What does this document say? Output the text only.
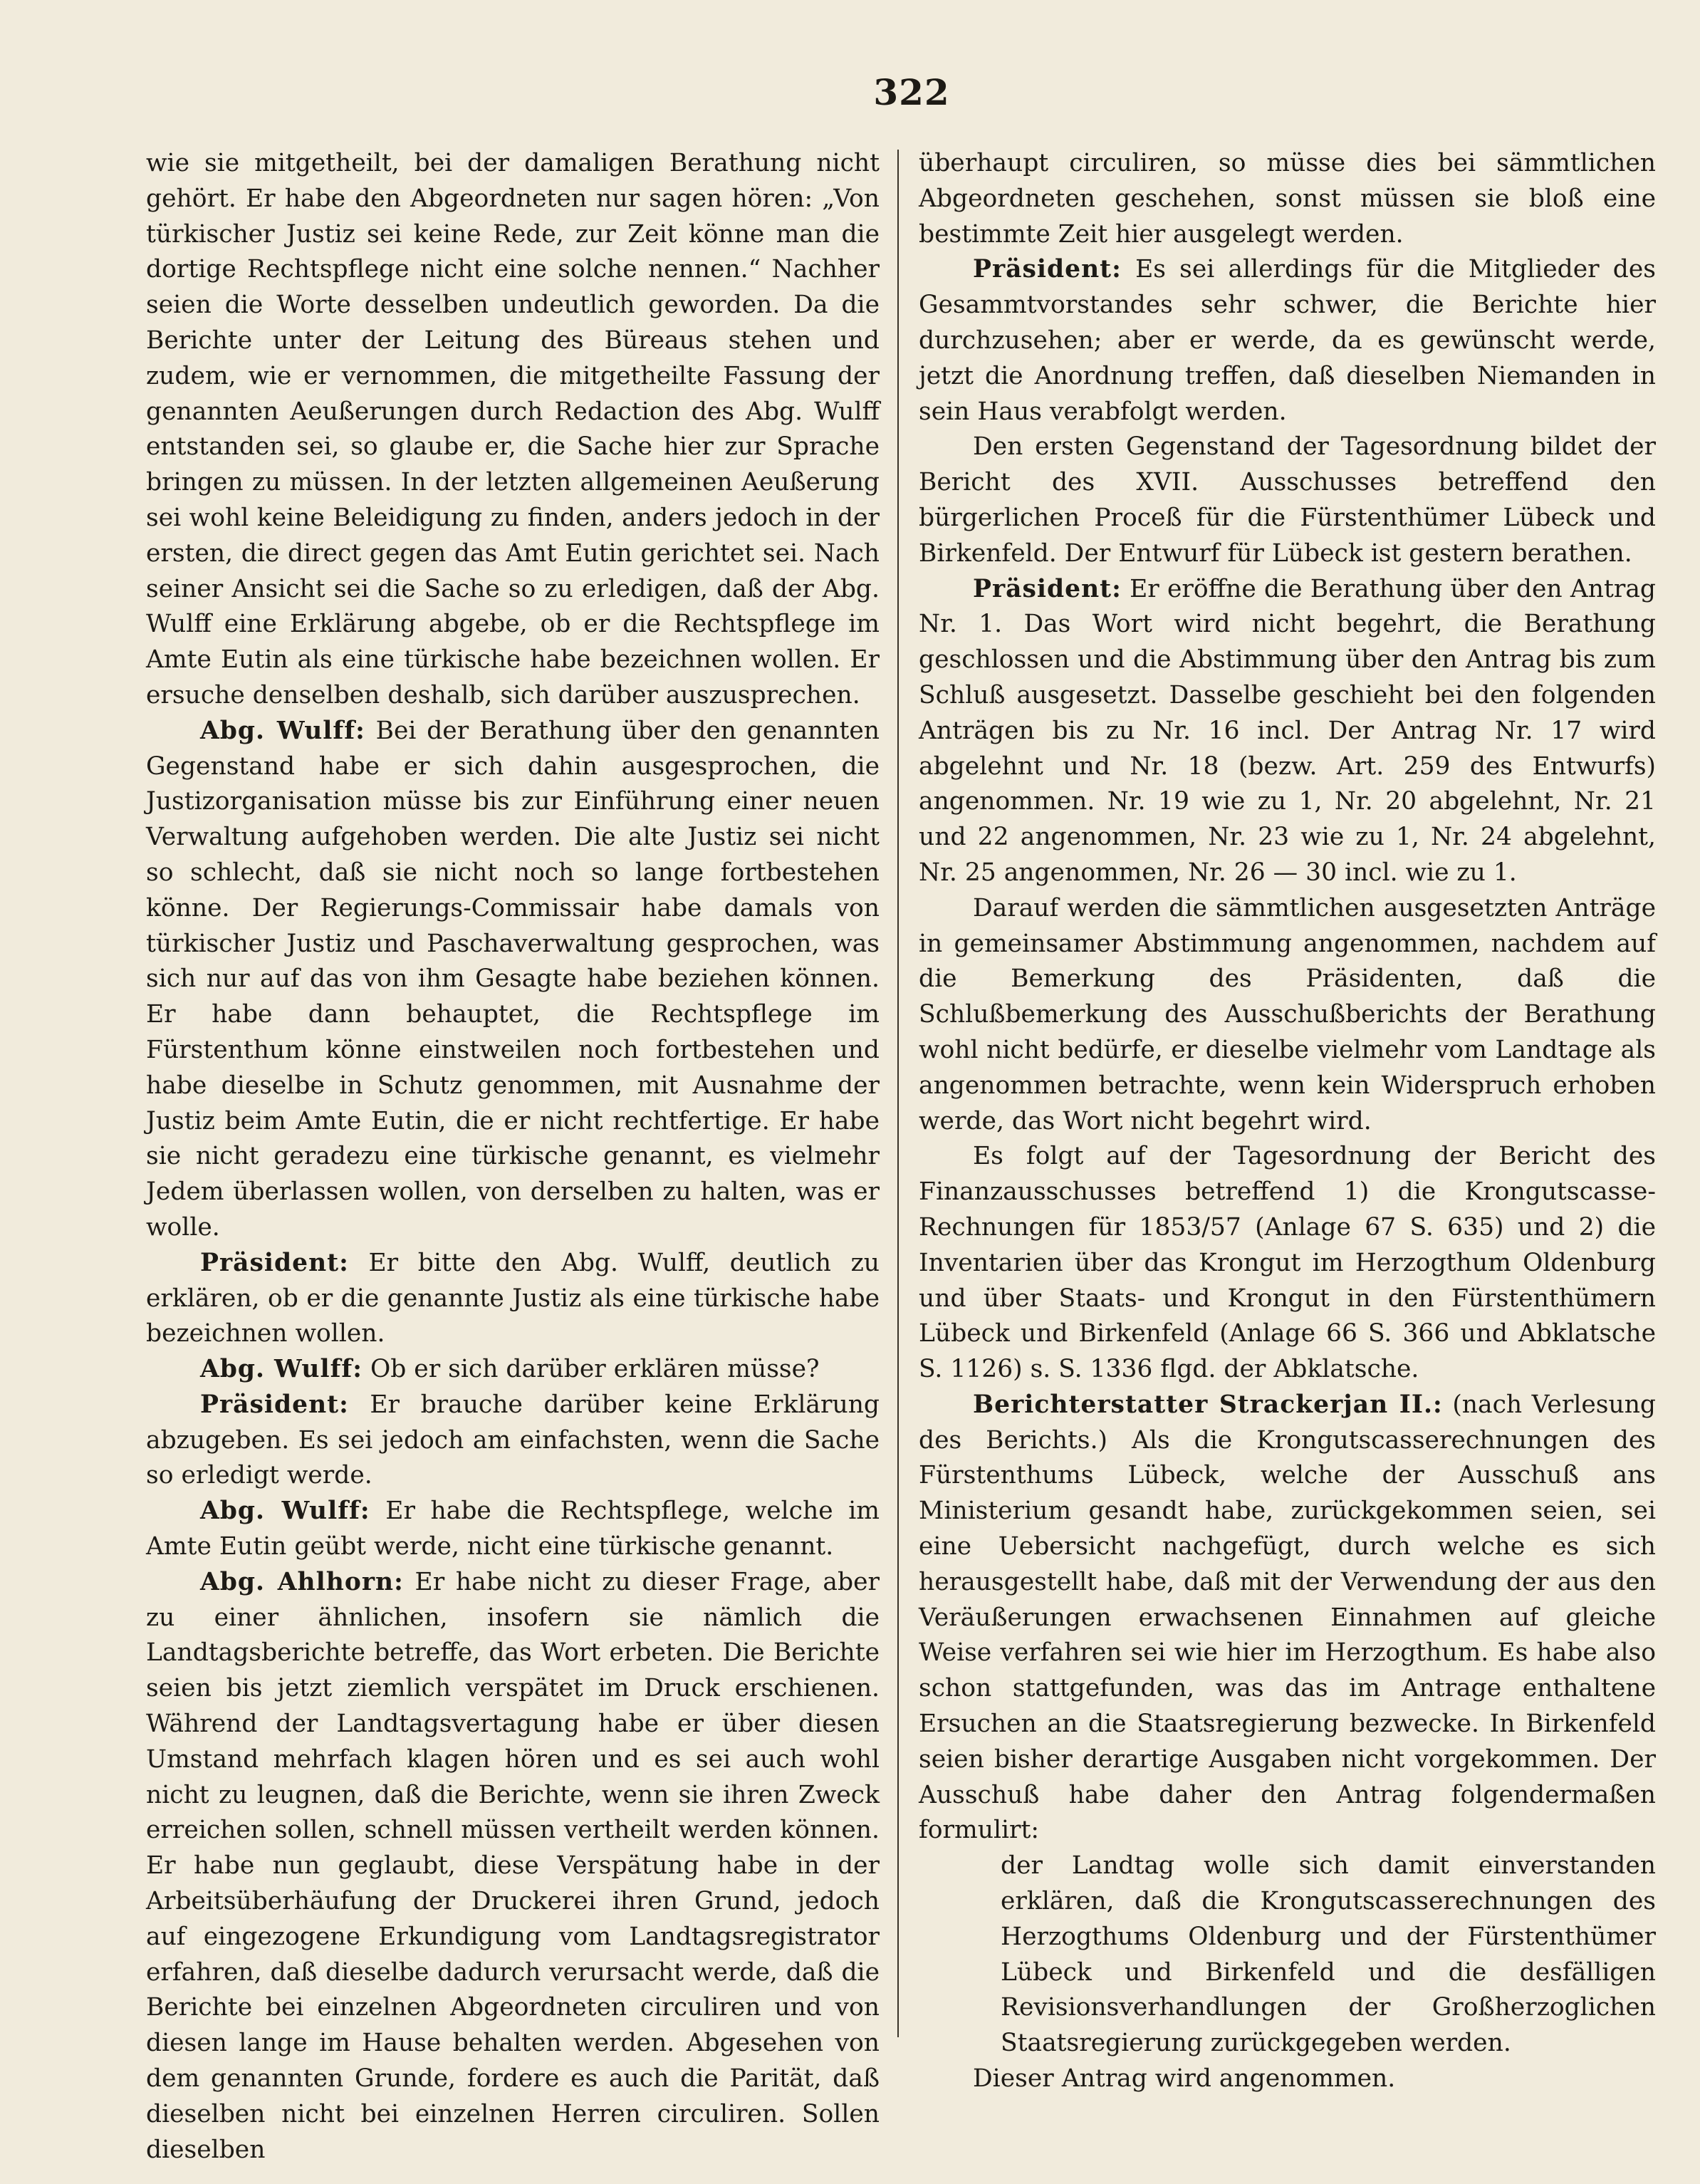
322

wie sie mitgetheilt, bei der damaligen Berathung nicht gehört. Er habe den Abgeordneten nur sagen hören: „Von türkischer Justiz sei keine Rede, zur Zeit könne man die dortige Rechtspflege nicht eine solche nennen.“ Nachher seien die Worte desselben undeutlich geworden. Da die Berichte unter der Leitung des Büreaus stehen und zudem, wie er vernommen, die mitgetheilte Fassung der genannten Aeußerungen durch Redaction des Abg. Wulff entstanden sei, so glaube er, die Sache hier zur Sprache bringen zu müssen. In der letzten allgemeinen Aeußerung sei wohl keine Beleidigung zu finden, anders jedoch in der ersten, die direct gegen das Amt Eutin gerichtet sei. Nach seiner Ansicht sei die Sache so zu erledigen, daß der Abg. Wulff eine Erklärung abgebe, ob er die Rechtspflege im Amte Eutin als eine türkische habe bezeichnen wollen. Er ersuche denselben deshalb, sich darüber auszusprechen.

Abg. Wulff: Bei der Berathung über den genannten Gegenstand habe er sich dahin ausgesprochen, die Justizorganisation müsse bis zur Einführung einer neuen Verwaltung aufgehoben werden. Die alte Justiz sei nicht so schlecht, daß sie nicht noch so lange fortbestehen könne. Der Regierungs-Commissair habe damals von türkischer Justiz und Paschaverwaltung gesprochen, was sich nur auf das von ihm Gesagte habe beziehen können. Er habe dann behauptet, die Rechtspflege im Fürstenthum könne einstweilen noch fortbestehen und habe dieselbe in Schutz genommen, mit Ausnahme der Justiz beim Amte Eutin, die er nicht rechtfertige. Er habe sie nicht geradezu eine türkische genannt, es vielmehr Jedem überlassen wollen, von derselben zu halten, was er wolle.

Präsident: Er bitte den Abg. Wulff, deutlich zu erklären, ob er die genannte Justiz als eine türkische habe bezeichnen wollen.

Abg. Wulff: Ob er sich darüber erklären müsse?

Präsident: Er brauche darüber keine Erklärung abzugeben. Es sei jedoch am einfachsten, wenn die Sache so erledigt werde.

Abg. Wulff: Er habe die Rechtspflege, welche im Amte Eutin geübt werde, nicht eine türkische genannt.

Abg. Ahlhorn: Er habe nicht zu dieser Frage, aber zu einer ähnlichen, insofern sie nämlich die Landtagsberichte betreffe, das Wort erbeten. Die Berichte seien bis jetzt ziemlich verspätet im Druck erschienen. Während der Landtagsvertagung habe er über diesen Umstand mehrfach klagen hören und es sei auch wohl nicht zu leugnen, daß die Berichte, wenn sie ihren Zweck erreichen sollen, schnell müssen vertheilt werden können. Er habe nun geglaubt, diese Verspätung habe in der Arbeitsüberhäufung der Druckerei ihren Grund, jedoch auf eingezogene Erkundigung vom Landtagsregistrator erfahren, daß dieselbe dadurch verursacht werde, daß die Berichte bei einzelnen Abgeordneten circuliren und von diesen lange im Hause behalten werden. Abgesehen von dem genannten Grunde, fordere es auch die Parität, daß dieselben nicht bei einzelnen Herren circuliren. Sollen dieselben

überhaupt circuliren, so müsse dies bei sämmtlichen Abgeordneten geschehen, sonst müssen sie bloß eine bestimmte Zeit hier ausgelegt werden.

Präsident: Es sei allerdings für die Mitglieder des Gesammtvorstandes sehr schwer, die Berichte hier durchzusehen; aber er werde, da es gewünscht werde, jetzt die Anordnung treffen, daß dieselben Niemanden in sein Haus verabfolgt werden.

Den ersten Gegenstand der Tagesordnung bildet der Bericht des XVII. Ausschusses betreffend den bürgerlichen Proceß für die Fürstenthümer Lübeck und Birkenfeld. Der Entwurf für Lübeck ist gestern berathen.

Präsident: Er eröffne die Berathung über den Antrag Nr. 1. Das Wort wird nicht begehrt, die Berathung geschlossen und die Abstimmung über den Antrag bis zum Schluß ausgesetzt. Dasselbe geschieht bei den folgenden Anträgen bis zu Nr. 16 incl. Der Antrag Nr. 17 wird abgelehnt und Nr. 18 (bezw. Art. 259 des Entwurfs) angenommen. Nr. 19 wie zu 1, Nr. 20 abgelehnt, Nr. 21 und 22 angenommen, Nr. 23 wie zu 1, Nr. 24 abgelehnt, Nr. 25 angenommen, Nr. 26 — 30 incl. wie zu 1.

Darauf werden die sämmtlichen ausgesetzten Anträge in gemeinsamer Abstimmung angenommen, nachdem auf die Bemerkung des Präsidenten, daß die Schlußbemerkung des Ausschußberichts der Berathung wohl nicht bedürfe, er dieselbe vielmehr vom Landtage als angenommen betrachte, wenn kein Widerspruch erhoben werde, das Wort nicht begehrt wird.

Es folgt auf der Tagesordnung der Bericht des Finanzausschusses betreffend 1) die Krongutscasse-Rechnungen für 1853/57 (Anlage 67 S. 635) und 2) die Inventarien über das Krongut im Herzogthum Oldenburg und über Staats- und Krongut in den Fürstenthümern Lübeck und Birkenfeld (Anlage 66 S. 366 und Abklatsche S. 1126) s. S. 1336 flgd. der Abklatsche.

Berichterstatter Strackerjan II.: (nach Verlesung des Berichts.) Als die Krongutscasserechnungen des Fürstenthums Lübeck, welche der Ausschuß ans Ministerium gesandt habe, zurückgekommen seien, sei eine Uebersicht nachgefügt, durch welche es sich herausgestellt habe, daß mit der Verwendung der aus den Veräußerungen erwachsenen Einnahmen auf gleiche Weise verfahren sei wie hier im Herzogthum. Es habe also schon stattgefunden, was das im Antrage enthaltene Ersuchen an die Staatsregierung bezwecke. In Birkenfeld seien bisher derartige Ausgaben nicht vorgekommen. Der Ausschuß habe daher den Antrag folgendermaßen formulirt:

der Landtag wolle sich damit einverstanden erklären, daß die Krongutscasserechnungen des Herzogthums Oldenburg und der Fürstenthümer Lübeck und Birkenfeld und die desfälligen Revisionsverhandlungen der Großherzoglichen Staatsregierung zurückgegeben werden.

Dieser Antrag wird angenommen.
